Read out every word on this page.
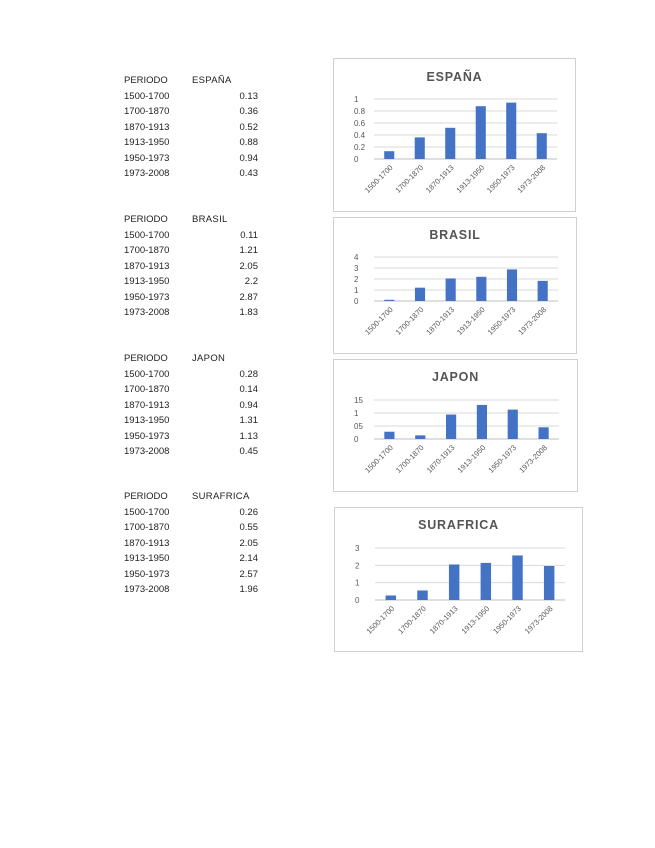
PERIODO	ESPAÑA
1500-1700	0.13
1700-1870	0.36
1870-1913	0.52
1913-1950	0.88
1950-1973	0.94
1973-2008	0.43
PERIODO	BRASIL
1500-1700	0.11
1700-1870	1.21
1870-1913	2.05
1913-1950	2.2
1950-1973	2.87
1973-2008	1.83
PERIODO	JAPON
1500-1700	0.28
1700-1870	0.14
1870-1913	0.94
1913-1950	1.31
1950-1973	1.13
1973-2008	0.45
PERIODO	SURAFRICA
1500-1700	0.26
1700-1870	0.55
1870-1913	2.05
1913-1950	2.14
1950-1973	2.57
1973-2008	1.96
ESPAÑA
0
0.2
0.4
0.6
0.8
1
1500-1700
1700-1870
1870-1913
1913-1950
1950-1973
1973-2008
BRASIL
0
1
2
3
4
1500-1700
1700-1870
1870-1913
1913-1950
1950-1973
1973-2008
JAPON
0
05
1
15
1500-1700 1700-1870 1870-1913 1913-1950 1950-1973 1973-2008
SURAFRICA
0
1
2
3
1500-1700 1700-1870 1870-1913 1913-1950 1950-1973 1973-2008
